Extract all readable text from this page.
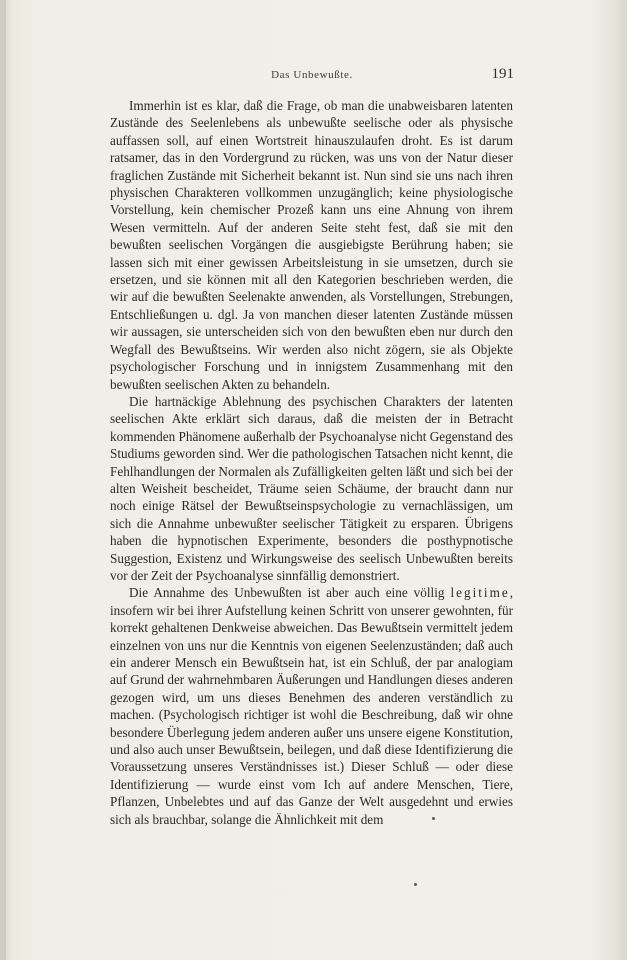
Das Unbewußte.	191

Immerhin ist es klar, daß die Frage, ob man die unabweisbaren latenten Zustände des Seelenlebens als unbewußte seelische oder als physische auffassen soll, auf einen Wortstreit hinauszulaufen droht. Es ist darum ratsamer, das in den Vordergrund zu rücken, was uns von der Natur dieser fraglichen Zustände mit Sicherheit bekannt ist. Nun sind sie uns nach ihren physischen Charakteren vollkommen unzugänglich; keine physiologische Vorstellung, kein chemischer Prozeß kann uns eine Ahnung von ihrem Wesen vermitteln. Auf der anderen Seite steht fest, daß sie mit den bewußten seelischen Vorgängen die ausgiebigste Berührung haben; sie lassen sich mit einer gewissen Arbeitsleistung in sie umsetzen, durch sie ersetzen, und sie können mit all den Kategorien beschrieben werden, die wir auf die bewußten Seelenakte anwenden, als Vorstellungen, Strebungen, Entschließungen u. dgl. Ja von manchen dieser latenten Zustände müssen wir aussagen, sie unterscheiden sich von den bewußten eben nur durch den Wegfall des Bewußtseins. Wir werden also nicht zögern, sie als Objekte psychologischer Forschung und in innigstem Zusammenhang mit den bewußten seelischen Akten zu behandeln.

Die hartnäckige Ablehnung des psychischen Charakters der latenten seelischen Akte erklärt sich daraus, daß die meisten der in Betracht kommenden Phänomene außerhalb der Psychoanalyse nicht Gegenstand des Studiums geworden sind. Wer die pathologischen Tatsachen nicht kennt, die Fehlhandlungen der Normalen als Zufälligkeiten gelten läßt und sich bei der alten Weisheit bescheidet, Träume seien Schäume, der braucht dann nur noch einige Rätsel der Bewußtseinspsychologie zu vernachlässigen, um sich die Annahme unbewußter seelischer Tätigkeit zu ersparen. Übrigens haben die hypnotischen Experimente, besonders die posthypnotische Suggestion, Existenz und Wirkungsweise des seelisch Unbewußten bereits vor der Zeit der Psychoanalyse sinnfällig demonstriert.

Die Annahme des Unbewußten ist aber auch eine völlig legitime, insofern wir bei ihrer Aufstellung keinen Schritt von unserer gewohnten, für korrekt gehaltenen Denkweise abweichen. Das Bewußtsein vermittelt jedem einzelnen von uns nur die Kenntnis von eigenen Seelenzuständen; daß auch ein anderer Mensch ein Bewußtsein hat, ist ein Schluß, der par analogiam auf Grund der wahrnehmbaren Äußerungen und Handlungen dieses anderen gezogen wird, um uns dieses Benehmen des anderen verständlich zu machen. (Psychologisch richtiger ist wohl die Beschreibung, daß wir ohne besondere Überlegung jedem anderen außer uns unsere eigene Konstitution, und also auch unser Bewußtsein, beilegen, und daß diese Identifizierung die Voraussetzung unseres Verständnisses ist.) Dieser Schluß — oder diese Identifizierung — wurde einst vom Ich auf andere Menschen, Tiere, Pflanzen, Unbelebtes und auf das Ganze der Welt ausgedehnt und erwies sich als brauchbar, solange die Ähnlichkeit mit dem
